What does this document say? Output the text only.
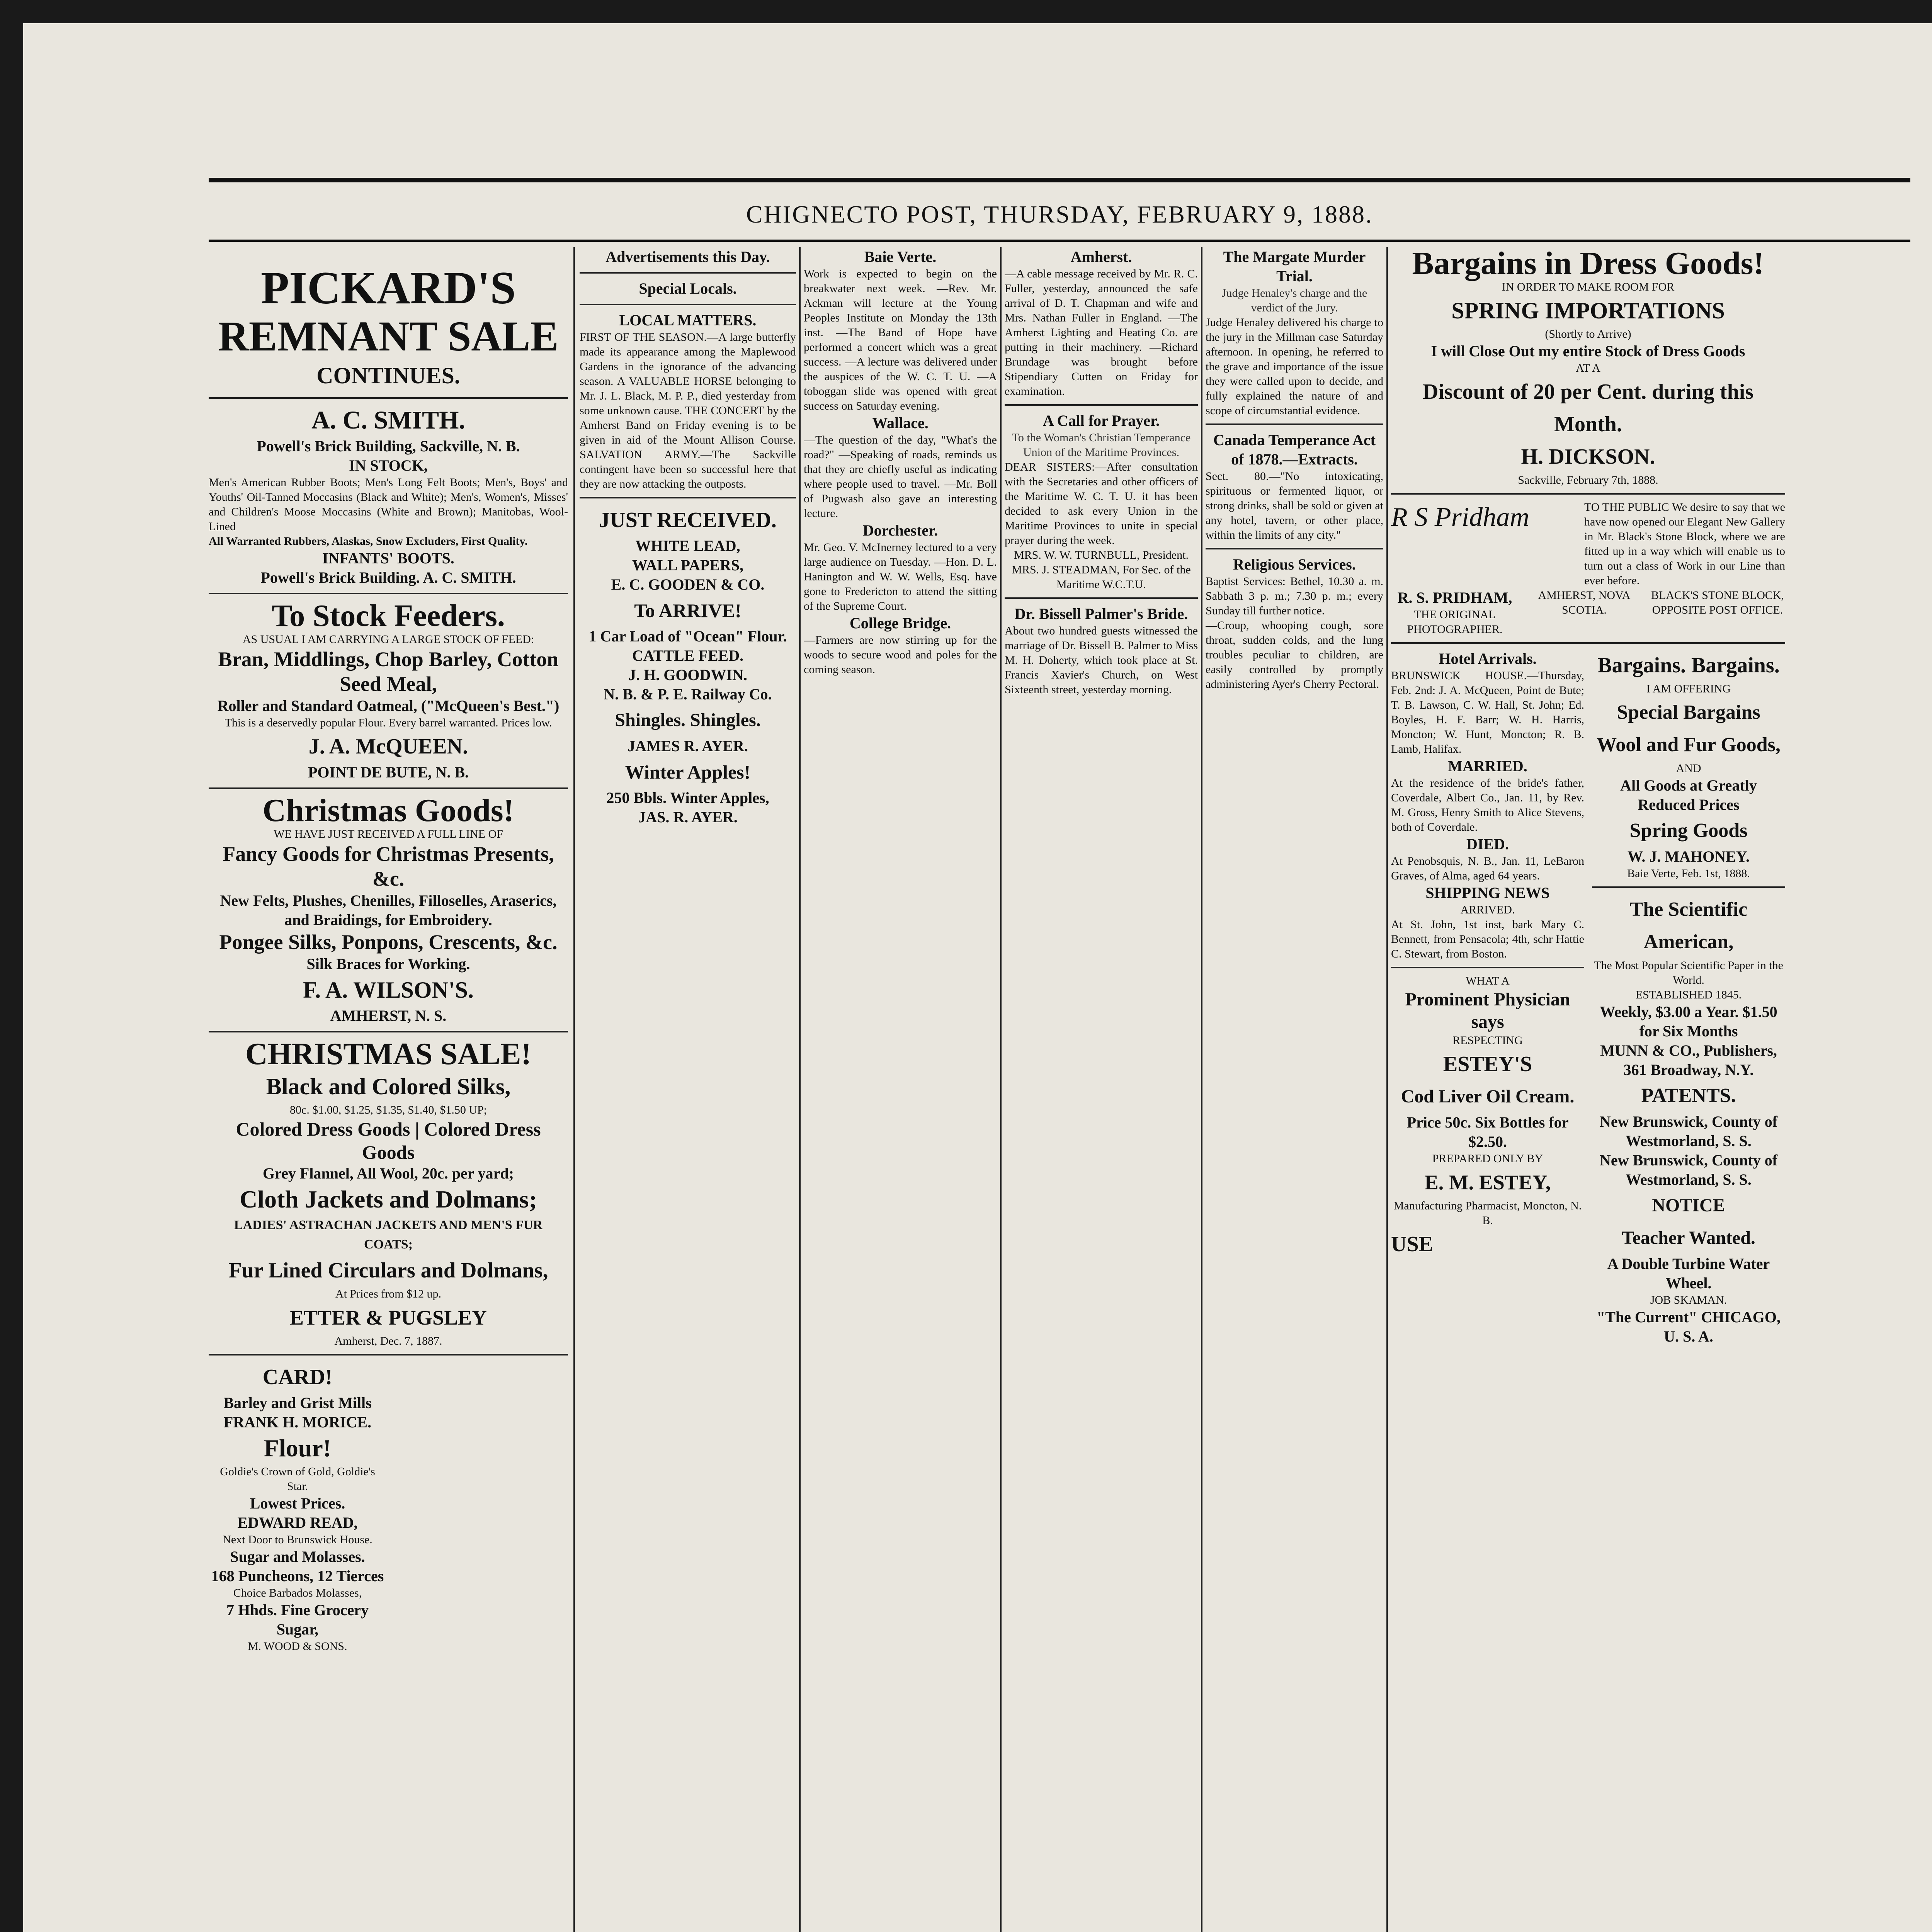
CHIGNECTO POST, THURSDAY, FEBRUARY 9, 1888.
PICKARD'S
REMNANT SALE
CONTINUES.
A. C. SMITH.
Powell's Brick Building, Sackville, N. B.
IN STOCK,
Men's American Rubber Boots; Men's Long Felt Boots; Men's, Boys' and Youths' Oil-Tanned Moccasins (Black and White); Men's, Women's, Misses' and Children's Moose Moccasins (White and Brown); Manitobas, Wool-Lined
All Warranted Rubbers, Alaskas, Snow Excluders, First Quality.
INFANTS' BOOTS.
Powell's Brick Building. A. C. SMITH.
To Stock Feeders.
AS USUAL I AM CARRYING A LARGE STOCK OF FEED:
Bran, Middlings, Chop Barley, Cotton Seed Meal,
Roller and Standard Oatmeal, ("McQueen's Best.")
This is a deservedly popular Flour. Every barrel warranted. Prices low.
J. A. McQUEEN.
POINT DE BUTE, N. B.
Christmas Goods!
WE HAVE JUST RECEIVED A FULL LINE OF
Fancy Goods for Christmas Presents, &c.
New Felts, Plushes, Chenilles, Filloselles, Araserics, and Braidings, for Embroidery.
Pongee Silks, Ponpons, Crescents, &c.
Silk Braces for Working.
F. A. WILSON'S.
AMHERST, N. S.
CHRISTMAS SALE!
Black and Colored Silks,
80c. $1.00, $1.25, $1.35, $1.40, $1.50 UP;
Colored Dress Goods | Colored Dress Goods
Grey Flannel, All Wool, 20c. per yard;
Cloth Jackets and Dolmans;
LADIES' ASTRACHAN JACKETS AND MEN'S FUR COATS;
Fur Lined Circulars and Dolmans,
At Prices from $12 up.
ETTER & PUGSLEY
Amherst, Dec. 7, 1887.
CARD!
Barley and Grist Mills
FRANK H. MORICE.
Flour!
Goldie's Crown of Gold, Goldie's Star.
Lowest Prices.
EDWARD READ,
Next Door to Brunswick House.
Sugar and Molasses.
168 Puncheons, 12 Tierces
Choice Barbados Molasses,
7 Hhds. Fine Grocery Sugar,
M. WOOD & SONS.
Advertisements this Day.
Special Locals.
LOCAL MATTERS.
FIRST OF THE SEASON.—A large butterfly made its appearance among the Maplewood Gardens in the ignorance of the advancing season. A VALUABLE HORSE belonging to Mr. J. L. Black, M. P. P., died yesterday from some unknown cause. THE CONCERT by the Amherst Band on Friday evening is to be given in aid of the Mount Allison Course. SALVATION ARMY.—The Sackville contingent have been so successful here that they are now attacking the outposts.
JUST RECEIVED.
WHITE LEAD,
WALL PAPERS,
E. C. GOODEN & CO.
To ARRIVE!
1 Car Load of "Ocean" Flour.
CATTLE FEED.
J. H. GOODWIN.
N. B. & P. E. Railway Co.
Shingles. Shingles.
JAMES R. AYER.
Winter Apples!
250 Bbls. Winter Apples,
JAS. R. AYER.
Baie Verte.
Work is expected to begin on the breakwater next week. —Rev. Mr. Ackman will lecture at the Young Peoples Institute on Monday the 13th inst. —The Band of Hope have performed a concert which was a great success. —A lecture was delivered under the auspices of the W. C. T. U. —A toboggan slide was opened with great success on Saturday evening.
Wallace.
—The question of the day, "What's the road?" —Speaking of roads, reminds us that they are chiefly useful as indicating where people used to travel. —Mr. Boll of Pugwash also gave an interesting lecture.
Dorchester.
Mr. Geo. V. McInerney lectured to a very large audience on Tuesday. —Hon. D. L. Hanington and W. W. Wells, Esq. have gone to Fredericton to attend the sitting of the Supreme Court.
College Bridge.
—Farmers are now stirring up for the woods to secure wood and poles for the coming season.
Amherst.
—A cable message received by Mr. R. C. Fuller, yesterday, announced the safe arrival of D. T. Chapman and wife and Mrs. Nathan Fuller in England. —The Amherst Lighting and Heating Co. are putting in their machinery. —Richard Brundage was brought before Stipendiary Cutten on Friday for examination.
A Call for Prayer.
To the Woman's Christian Temperance Union of the Maritime Provinces.
DEAR SISTERS:—After consultation with the Secretaries and other officers of the Maritime W. C. T. U. it has been decided to ask every Union in the Maritime Provinces to unite in special prayer during the week.
MRS. W. W. TURNBULL, President.
MRS. J. STEADMAN, For Sec. of the Maritime W.C.T.U.
Dr. Bissell Palmer's Bride.
About two hundred guests witnessed the marriage of Dr. Bissell B. Palmer to Miss M. H. Doherty, which took place at St. Francis Xavier's Church, on West Sixteenth street, yesterday morning.
The Margate Murder Trial.
Judge Henaley's charge and the verdict of the Jury.
Judge Henaley delivered his charge to the jury in the Millman case Saturday afternoon. In opening, he referred to the grave and importance of the issue they were called upon to decide, and fully explained the nature of and scope of circumstantial evidence.
Canada Temperance Act of 1878.—Extracts.
Sect. 80.—"No intoxicating, spirituous or fermented liquor, or strong drinks, shall be sold or given at any hotel, tavern, or other place, within the limits of any city."
Religious Services.
Baptist Services: Bethel, 10.30 a. m. Sabbath 3 p. m.; 7.30 p. m.; every Sunday till further notice.
—Croup, whooping cough, sore throat, sudden colds, and the lung troubles peculiar to children, are easily controlled by promptly administering Ayer's Cherry Pectoral.
Bargains in Dress Goods!
IN ORDER TO MAKE ROOM FOR
SPRING IMPORTATIONS
(Shortly to Arrive)
I will Close Out my entire Stock of Dress Goods
AT A
Discount of 20 per Cent. during this Month.
H. DICKSON.
Sackville, February 7th, 1888.
R S Pridham	TO THE PUBLIC We desire to say that we have now opened our Elegant New Gallery in Mr. Black's Stone Block, where we are fitted up in a way which will enable us to turn out a class of Work in our Line than ever before.
R. S. PRIDHAM,
THE ORIGINAL PHOTOGRAPHER.
AMHERST, NOVA SCOTIA.
BLACK'S STONE BLOCK, OPPOSITE POST OFFICE.
Hotel Arrivals.
BRUNSWICK HOUSE.—Thursday, Feb. 2nd: J. A. McQueen, Point de Bute; T. B. Lawson, C. W. Hall, St. John; Ed. Boyles, H. F. Barr; W. H. Harris, Moncton; W. Hunt, Moncton; R. B. Lamb, Halifax.
MARRIED.
At the residence of the bride's father, Coverdale, Albert Co., Jan. 11, by Rev. M. Gross, Henry Smith to Alice Stevens, both of Coverdale.
DIED.
At Penobsquis, N. B., Jan. 11, LeBaron Graves, of Alma, aged 64 years.
SHIPPING NEWS
ARRIVED.
At St. John, 1st inst, bark Mary C. Bennett, from Pensacola; 4th, schr Hattie C. Stewart, from Boston.
WHAT A
Prominent Physician says
RESPECTING
ESTEY'S
Cod Liver Oil Cream.
Price 50c. Six Bottles for $2.50.
PREPARED ONLY BY
E. M. ESTEY,
Manufacturing Pharmacist, Moncton, N. B.
USE
Bargains. Bargains.
I AM OFFERING
Special Bargains
Wool and Fur Goods,
AND
All Goods at Greatly Reduced Prices
Spring Goods
W. J. MAHONEY.
Baie Verte, Feb. 1st, 1888.
The Scientific American,
The Most Popular Scientific Paper in the World.
ESTABLISHED 1845.
Weekly, $3.00 a Year. $1.50 for Six Months
MUNN & CO., Publishers, 361 Broadway, N.Y.
PATENTS.
New Brunswick, County of Westmorland, S. S.
New Brunswick, County of Westmorland, S. S.
NOTICE
Teacher Wanted.
A Double Turbine Water Wheel.
JOB SKAMAN.
"The Current" CHICAGO, U. S. A.
